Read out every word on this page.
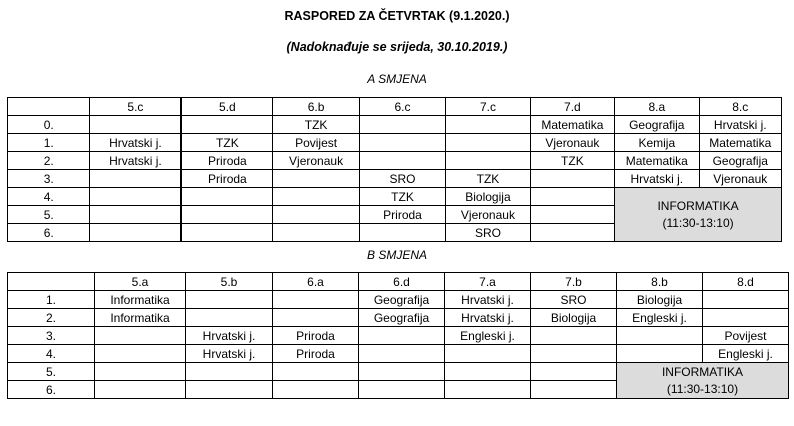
RASPORED ZA ČETVRTAK (9.1.2020.)

(Nadoknađuje se srijeda, 30.10.2019.)

A SMJENA

	5.c	5.d	6.b	6.c	7.c	7.d	8.a	8.c
0.			TZK			Matematika	Geografija	Hrvatski j.
1.	Hrvatski j.	TZK	Povijest			Vjeronauk	Kemija	Matematika
2.	Hrvatski j.	Priroda	Vjeronauk			TZK	Matematika	Geografija
3.		Priroda		SRO	TZK		Hrvatski j.	Vjeronauk
4.				TZK	Biologija		INFORMATIKA
(11:30-13:10)	

5.				Priroda	Vjeronauk			
6.					SRO			

B SMJENA

	5.a	5.b	6.a	6.d	7.a	7.b	8.b	8.d
1.	Informatika			Geografija	Hrvatski j.	SRO	Biologija	
2.	Informatika			Geografija	Hrvatski j.	Biologija	Engleski j.	
3.		Hrvatski j.	Priroda		Engleski j.			Povijest
4.		Hrvatski j.	Priroda					Engleski j.
5.							INFORMATIKA
(11:30-13:10)	

6.								
